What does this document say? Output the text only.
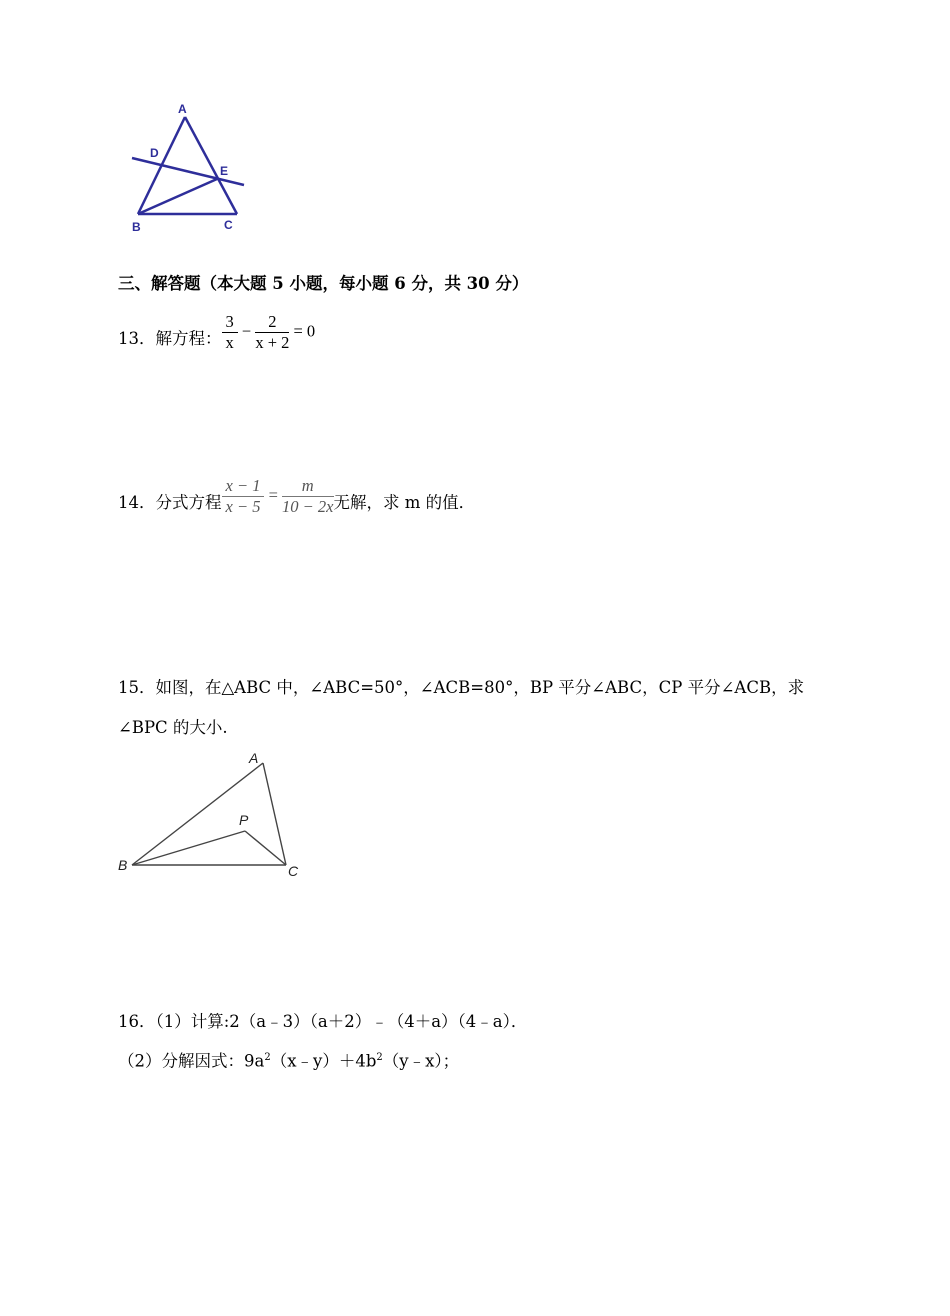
A
D
E
B	C
三、解答题（本大题 5 小题，每小题 6 分，共 30 分）
13．解方程： $\frac{3}{x} - \frac{2}{x + 2} = 0$
14．分式方程 $\frac{x - 1}{x - 5} = \frac{m}{10 - 2x}$ 无解，求 m 的值．
15．如图，在△ABC 中，∠ABC=50°，∠ACB=80°，BP 平分∠ABC，CP 平分∠ACB，求
∠BPC 的大小.
A
B	C
P
16．（1）计算:2（a﹣3）（a＋2）﹣（4＋a）（4﹣a）．
（2）分解因式：$9a^2(x﹣y)+4b^2(y﹣x)$；
